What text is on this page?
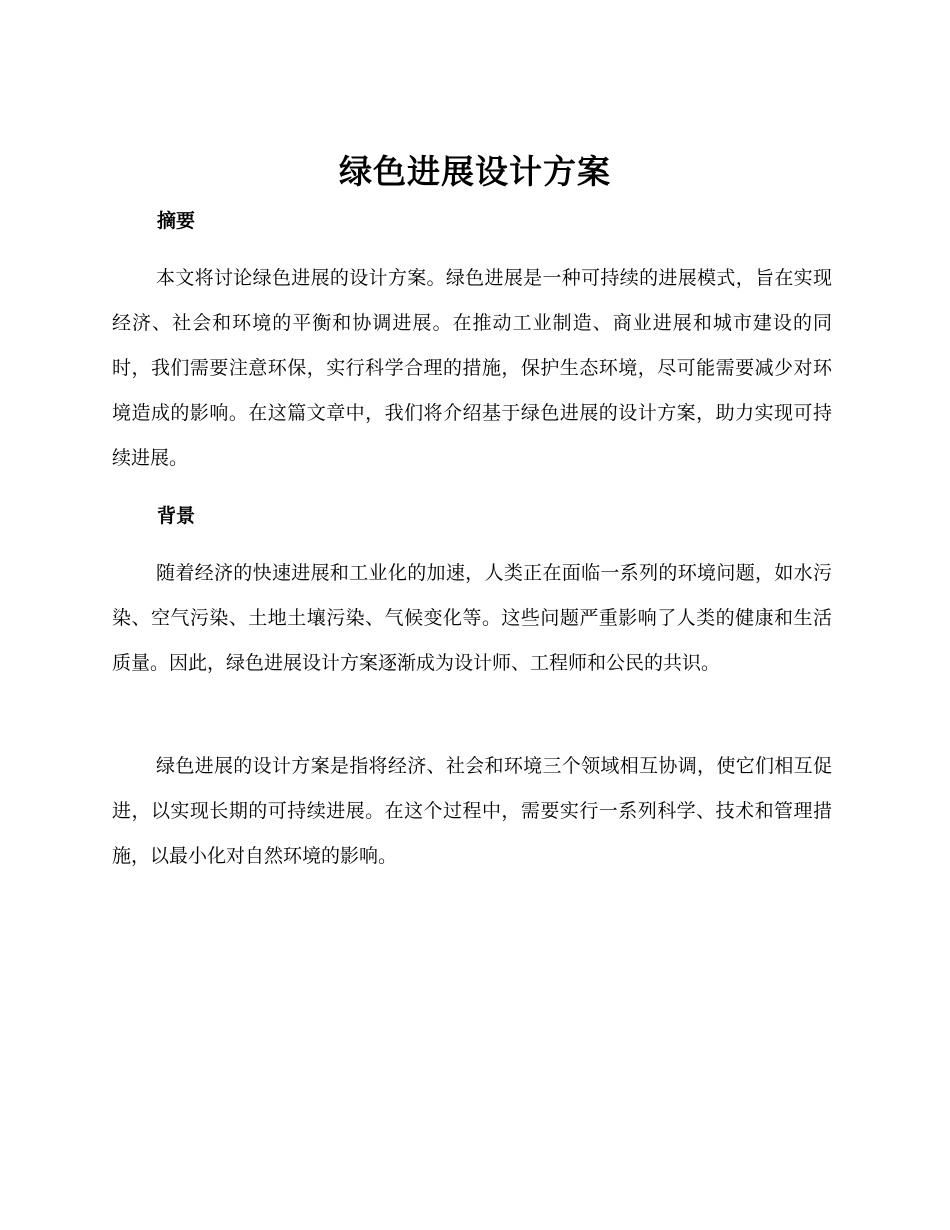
绿色进展设计方案
摘要

本文将讨论绿色进展的设计方案。绿色进展是一种可持续的进展模式，旨在实现经济、社会和环境的平衡和协调进展。在推动工业制造、商业进展和城市建设的同时，我们需要注意环保，实行科学合理的措施，保护生态环境，尽可能需要减少对环境造成的影响。在这篇文章中，我们将介绍基于绿色进展的设计方案，助力实现可持续进展。

背景

随着经济的快速进展和工业化的加速，人类正在面临一系列的环境问题，如水污染、空气污染、土地土壤污染、气候变化等。这些问题严重影响了人类的健康和生活质量。因此，绿色进展设计方案逐渐成为设计师、工程师和公民的共识。

绿色进展的设计方案是指将经济、社会和环境三个领域相互协调，使它们相互促进，以实现长期的可持续进展。在这个过程中，需要实行一系列科学、技术和管理措施，以最小化对自然环境的影响。
